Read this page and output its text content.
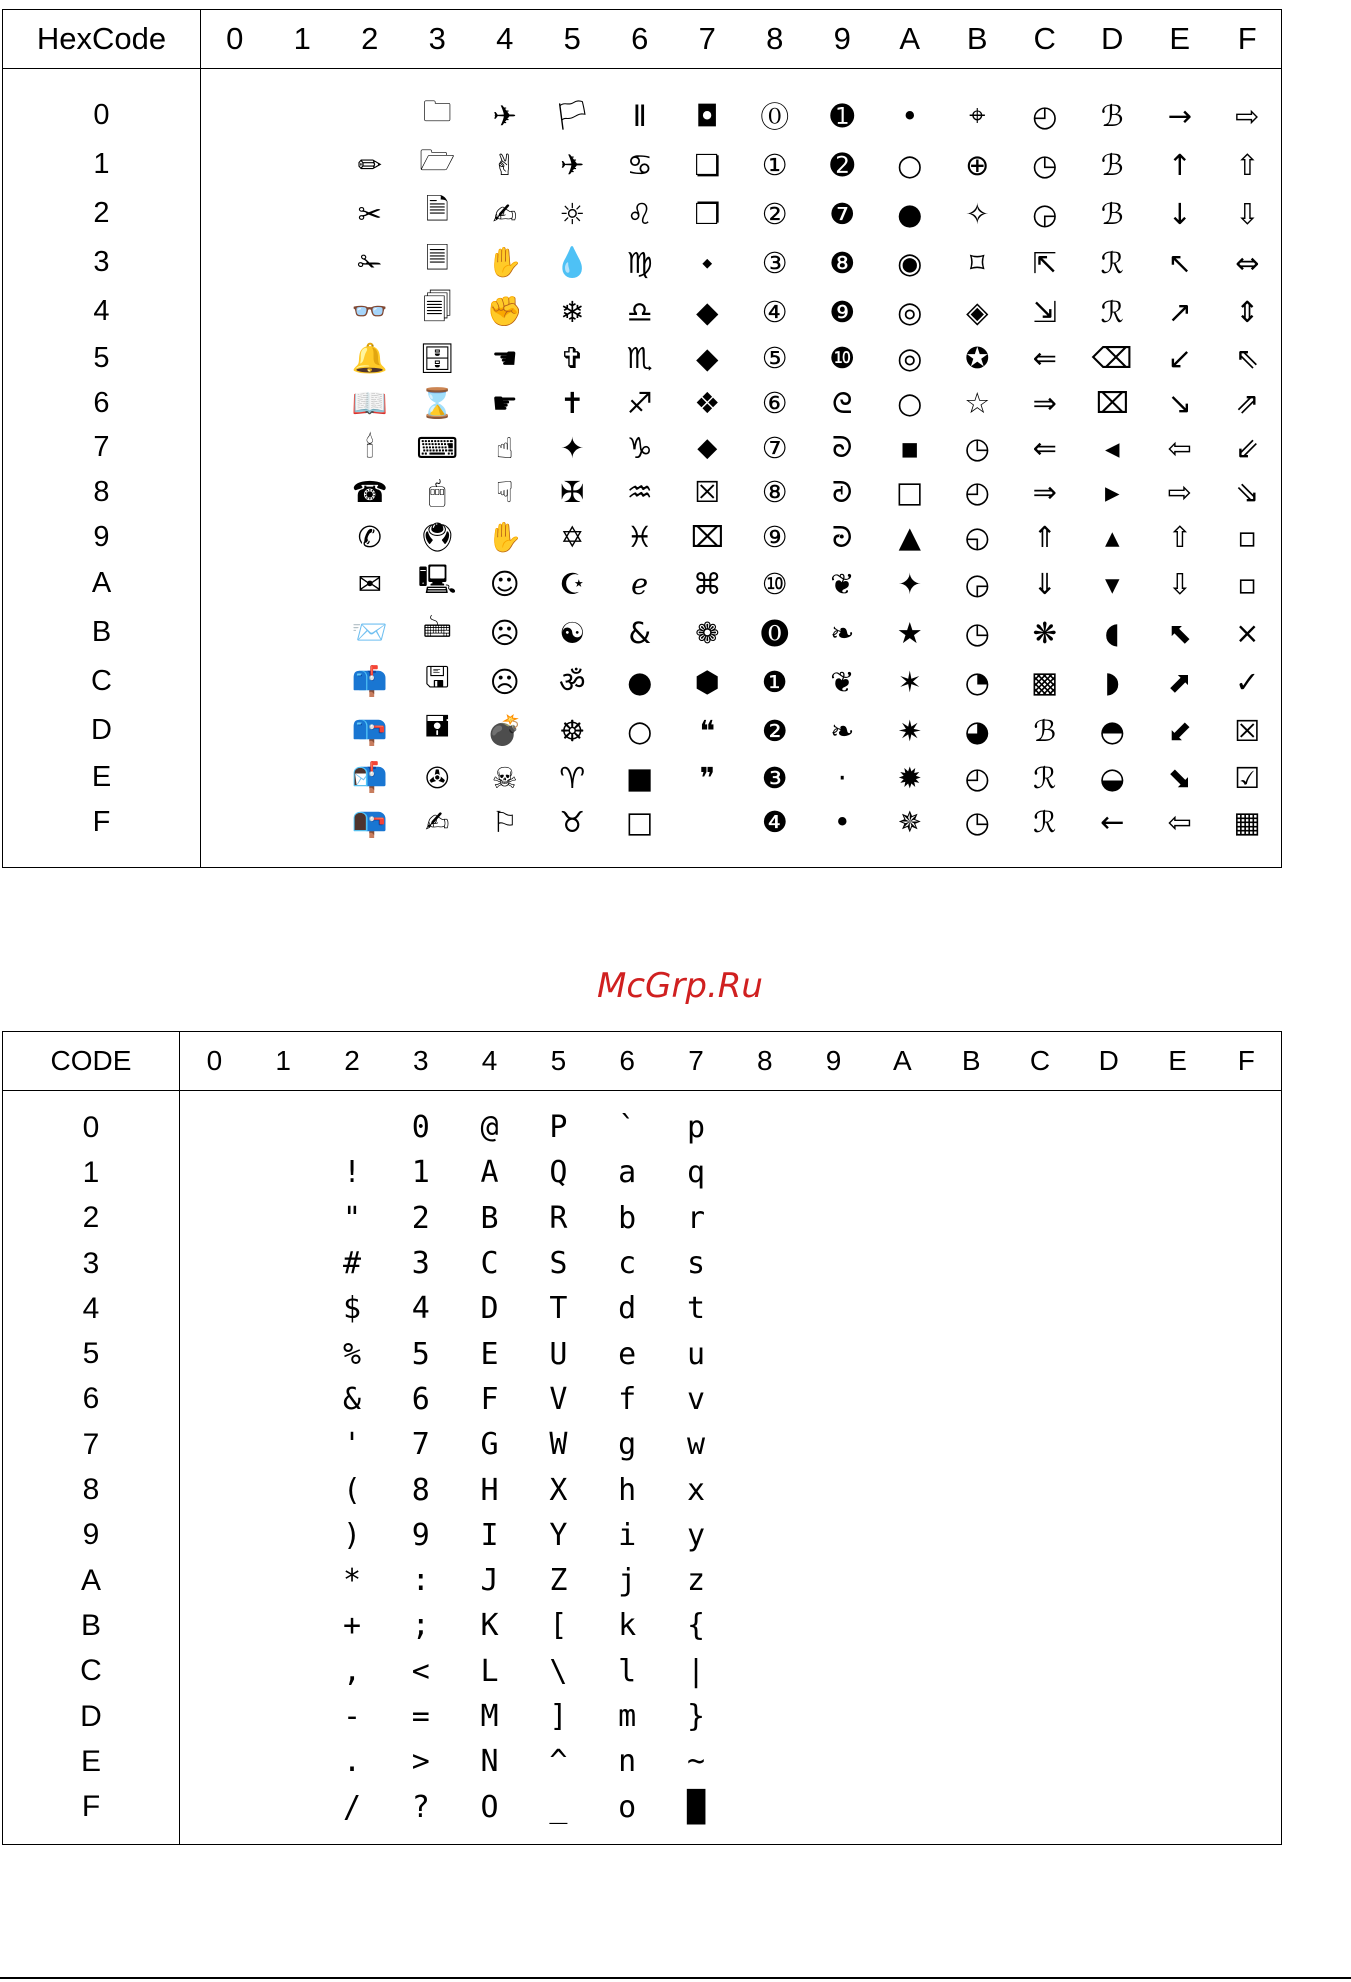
HexCode	0	1	2	3	4	5	6	7	8	9	A	B	C	D	E	F

0				🗀	✈	🏳	Ⅱ	◘	⓪	➊	•	⌖	◴	ℬ	→	⇨
1			✏	🗁	✌	✈	♋	❏	①	➋	○	⊕	◷	ℬ	↑	⇧
2			✂	🗎	✍	☼	♌	❐	②	❼	●	✧	◶	ℬ	↓	⇩
3			✁	🗏	✋	💧	♍	⬩	③	❽	◉	⌑	⇱	ℛ	↖	⇔
4			👓	🗐	✊	❄	♎	◆	④	❾	◎	◈	⇲	ℛ	↗	⇕
5			🔔	🗄	☚	✞	♏	◆	⑤	❿	◎	✪	⇐	⌫	↙	⇖
6			📖	⌛	☛	✝	♐	❖	⑥	ᘓ	○	☆	⇒	⌧	↘	⇗
7			🕯	⌨	☝	✦	♑	⬥	⑦	ᘐ	▪	◷	⇐	◂	⇦	⇙
8			☎	🖱	☟	✠	♒	☒	⑧	ᘑ	□	◴	⇒	▸	⇨	⇘
9			✆	🖲	✋	✡	♓	⌧	⑨	ᘒ	▲	◵	⇑	▴	⇧	▫
A			✉	🖳	☺	☪	ℯ	⌘	⑩	❦	✦	◶	⇓	▾	⇩	▫
B			📨	🖮	☹	☯	&	❁	⓿	❧	★	◷	❋	◖	⬉	×
C			📫	🖫	☹	ॐ	●	⬢	❶	❦	✶	◔	▩	◗	⬈	✓
D			📪	🖬	💣	☸	○	❝	❷	❧	✷	◕	ℬ	◓	⬋	☒
E			📬	✇	☠	♈	■	❞	❸	·	✹	◴	ℛ	◒	⬊	☑
F			📭	✍	⚐	♉	□		❹	•	✵	◷	ℛ	←	⇦	▦

McGrp.Ru
CODE	0	1	2	3	4	5	6	7	8	9	A	B	C	D	E	F

0				0	@	P	`	p								
1			!	1	A	Q	a	q								
2			"	2	B	R	b	r								
3			#	3	C	S	c	s								
4			$	4	D	T	d	t								
5			%	5	E	U	e	u								
6			&	6	F	V	f	v								
7			'	7	G	W	g	w								
8			(	8	H	X	h	x								
9			)	9	I	Y	i	y								
A			*	:	J	Z	j	z								
B			+	;	K	[	k	{								
C			,	<	L	\	l	|								
D			-	=	M	]	m	}								
E			.	>	N	^	n	~								
F			/	?	O	_	o	█								
